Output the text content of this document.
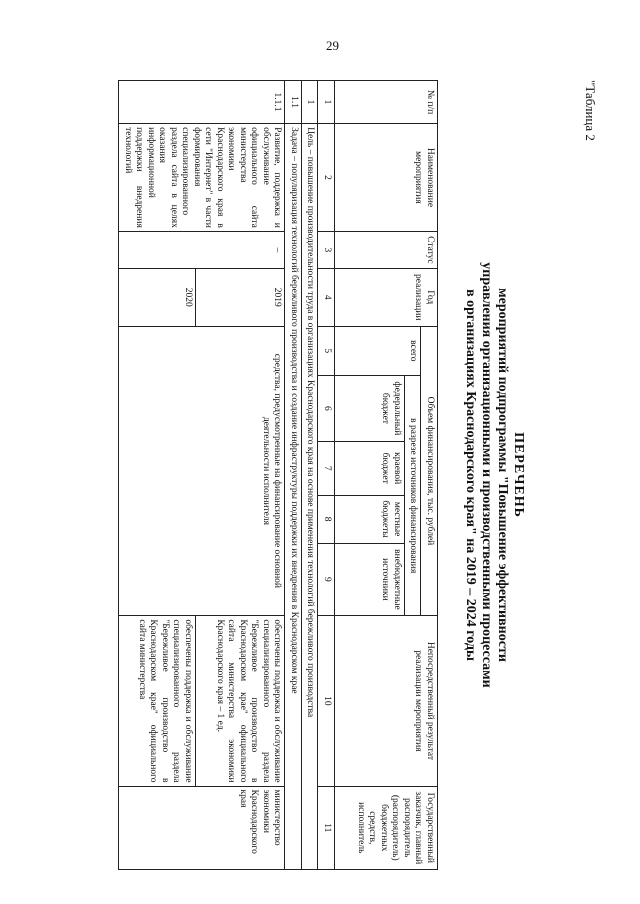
29
"Таблица 2
ПЕРЕЧЕНЬ
мероприятий подпрограммы "Повышение эффективности
управления организационными и производственными процессами
в организациях Краснодарского края" на 2019 – 2024 годы
№ п/п	Наименование мероприятия	Статус	Год реализации	Объем финансирования, тыс. рублей					Непосредственный результат реализации мероприятия	Государственный заказчик, главный распорядитель (распорядитель) бюджетных средств, исполнитель
				всего	в разрезе источников финансирования					
					федеральный бюджет	краевой бюджет	местные бюджеты	внебюджетные источники		
1	2	3	4	5	6	7	8	9	10	11
1	Цель – повышение производительности труда в организациях Краснодарского края на основе применения технологий бережливого производства									
1.1	Задача – популяризация технологий бережливого производства и создание инфраструктуры поддержки их внедрения в Краснодарском крае									
1.1.1	Развитие, поддержка и обслуживание официального сайта министерства экономики Краснодарского края в сети "Интернет" в части формирования специализированного раздела сайта в целях оказания информационной поддержки внедрения технологий	–	2019	средства, предусмотренные на финансирование основной деятельности исполнителя					обеспечены поддержка и обслуживание специализированного раздела "Бережливое производство в Краснодарском крае" официального сайта министерства экономики Краснодарского края – 1 ед.	министерство экономики Краснодарского края
			2020						обеспечены поддержка и обслуживание специализированного раздела "Бережливое производство в Краснодарском крае" официального сайта министерства	
